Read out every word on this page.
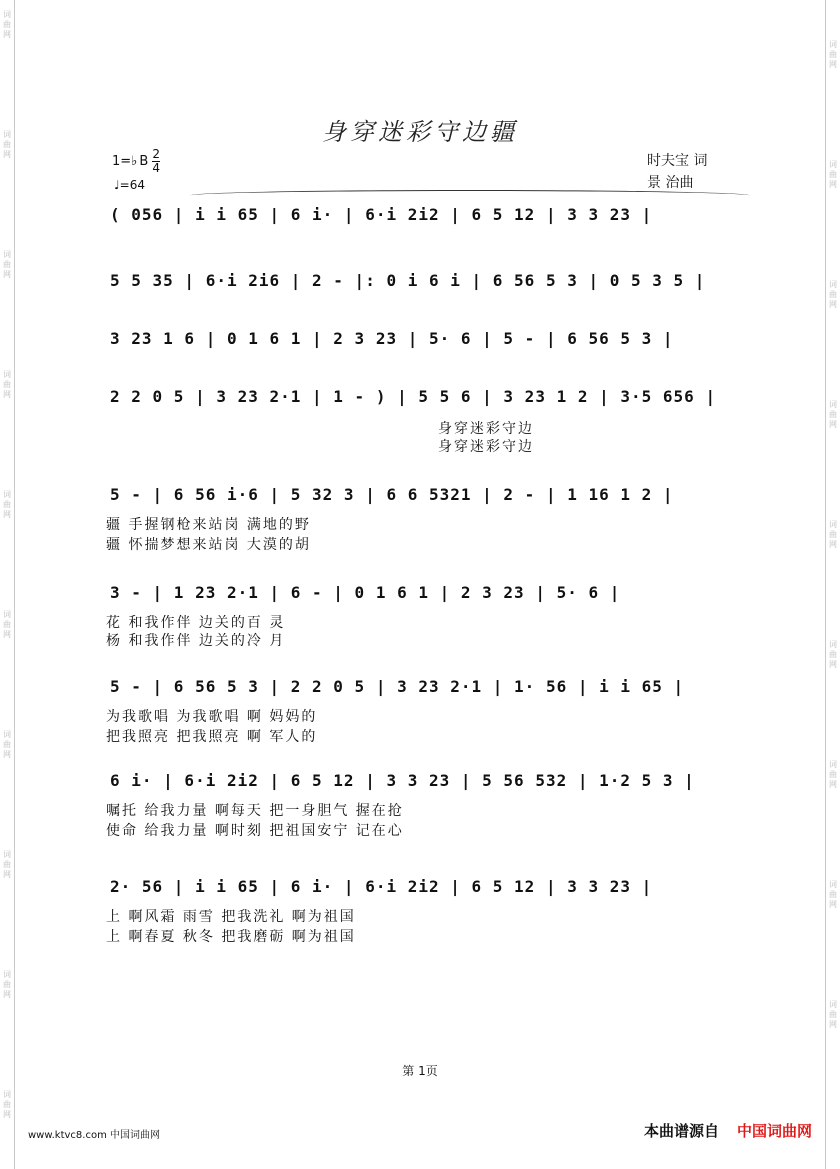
词曲网
词曲网
词曲网
词曲网
词曲网
词曲网
词曲网
词曲网
词曲网
词曲网
词曲网
词曲网
词曲网
词曲网
词曲网
词曲网
词曲网
词曲网
词曲网
身穿迷彩守边疆
1=♭ B $\frac{2}{4}$
♩=64
时夫宝 词
景 治曲
( 056 | i i 65 | 6 i· | 6·i 2i2 | 6 5 12 | 3 3 23 |
5 5 35 | 6·i 2i6 | 2 - |: 0 i 6 i | 6 56 5 3 | 0 5 3 5 |
3 23 1 6 | 0 1 6 1 | 2 3 23 | 5· 6 | 5 - | 6 56 5 3 |
2 2 0 5 | 3 23 2·1 | 1 - ) | 5 5 6 | 3 23 1 2 | 3·5 656 |
身穿迷彩守边
身穿迷彩守边
5 - | 6 56 i·6 | 5 32 3 | 6 6 5321 | 2 - | 1 16 1 2 |
疆 手握钢枪来站岗 满地的野
疆 怀揣梦想来站岗 大漠的胡
3 - | 1 23 2·1 | 6 - | 0 1 6 1 | 2 3 23 | 5· 6 |
花 和我作伴 边关的百 灵
杨 和我作伴 边关的冷 月
5 - | 6 56 5 3 | 2 2 0 5 | 3 23 2·1 | 1· 56 | i i 65 |
为我歌唱 为我歌唱 啊 妈妈的
把我照亮 把我照亮 啊 军人的
6 i· | 6·i 2i2 | 6 5 12 | 3 3 23 | 5 56 532 | 1·2 5 3 |
嘱托 给我力量 啊每天 把一身胆气 握在抢
使命 给我力量 啊时刻 把祖国安宁 记在心
2· 56 | i i 65 | 6 i· | 6·i 2i2 | 6 5 12 | 3 3 23 |
上 啊风霜 雨雪 把我洗礼 啊为祖国
上 啊春夏 秋冬 把我磨砺 啊为祖国
第 1页
www.ktvc8.com 中国词曲网	本曲谱源自 中国词曲网
